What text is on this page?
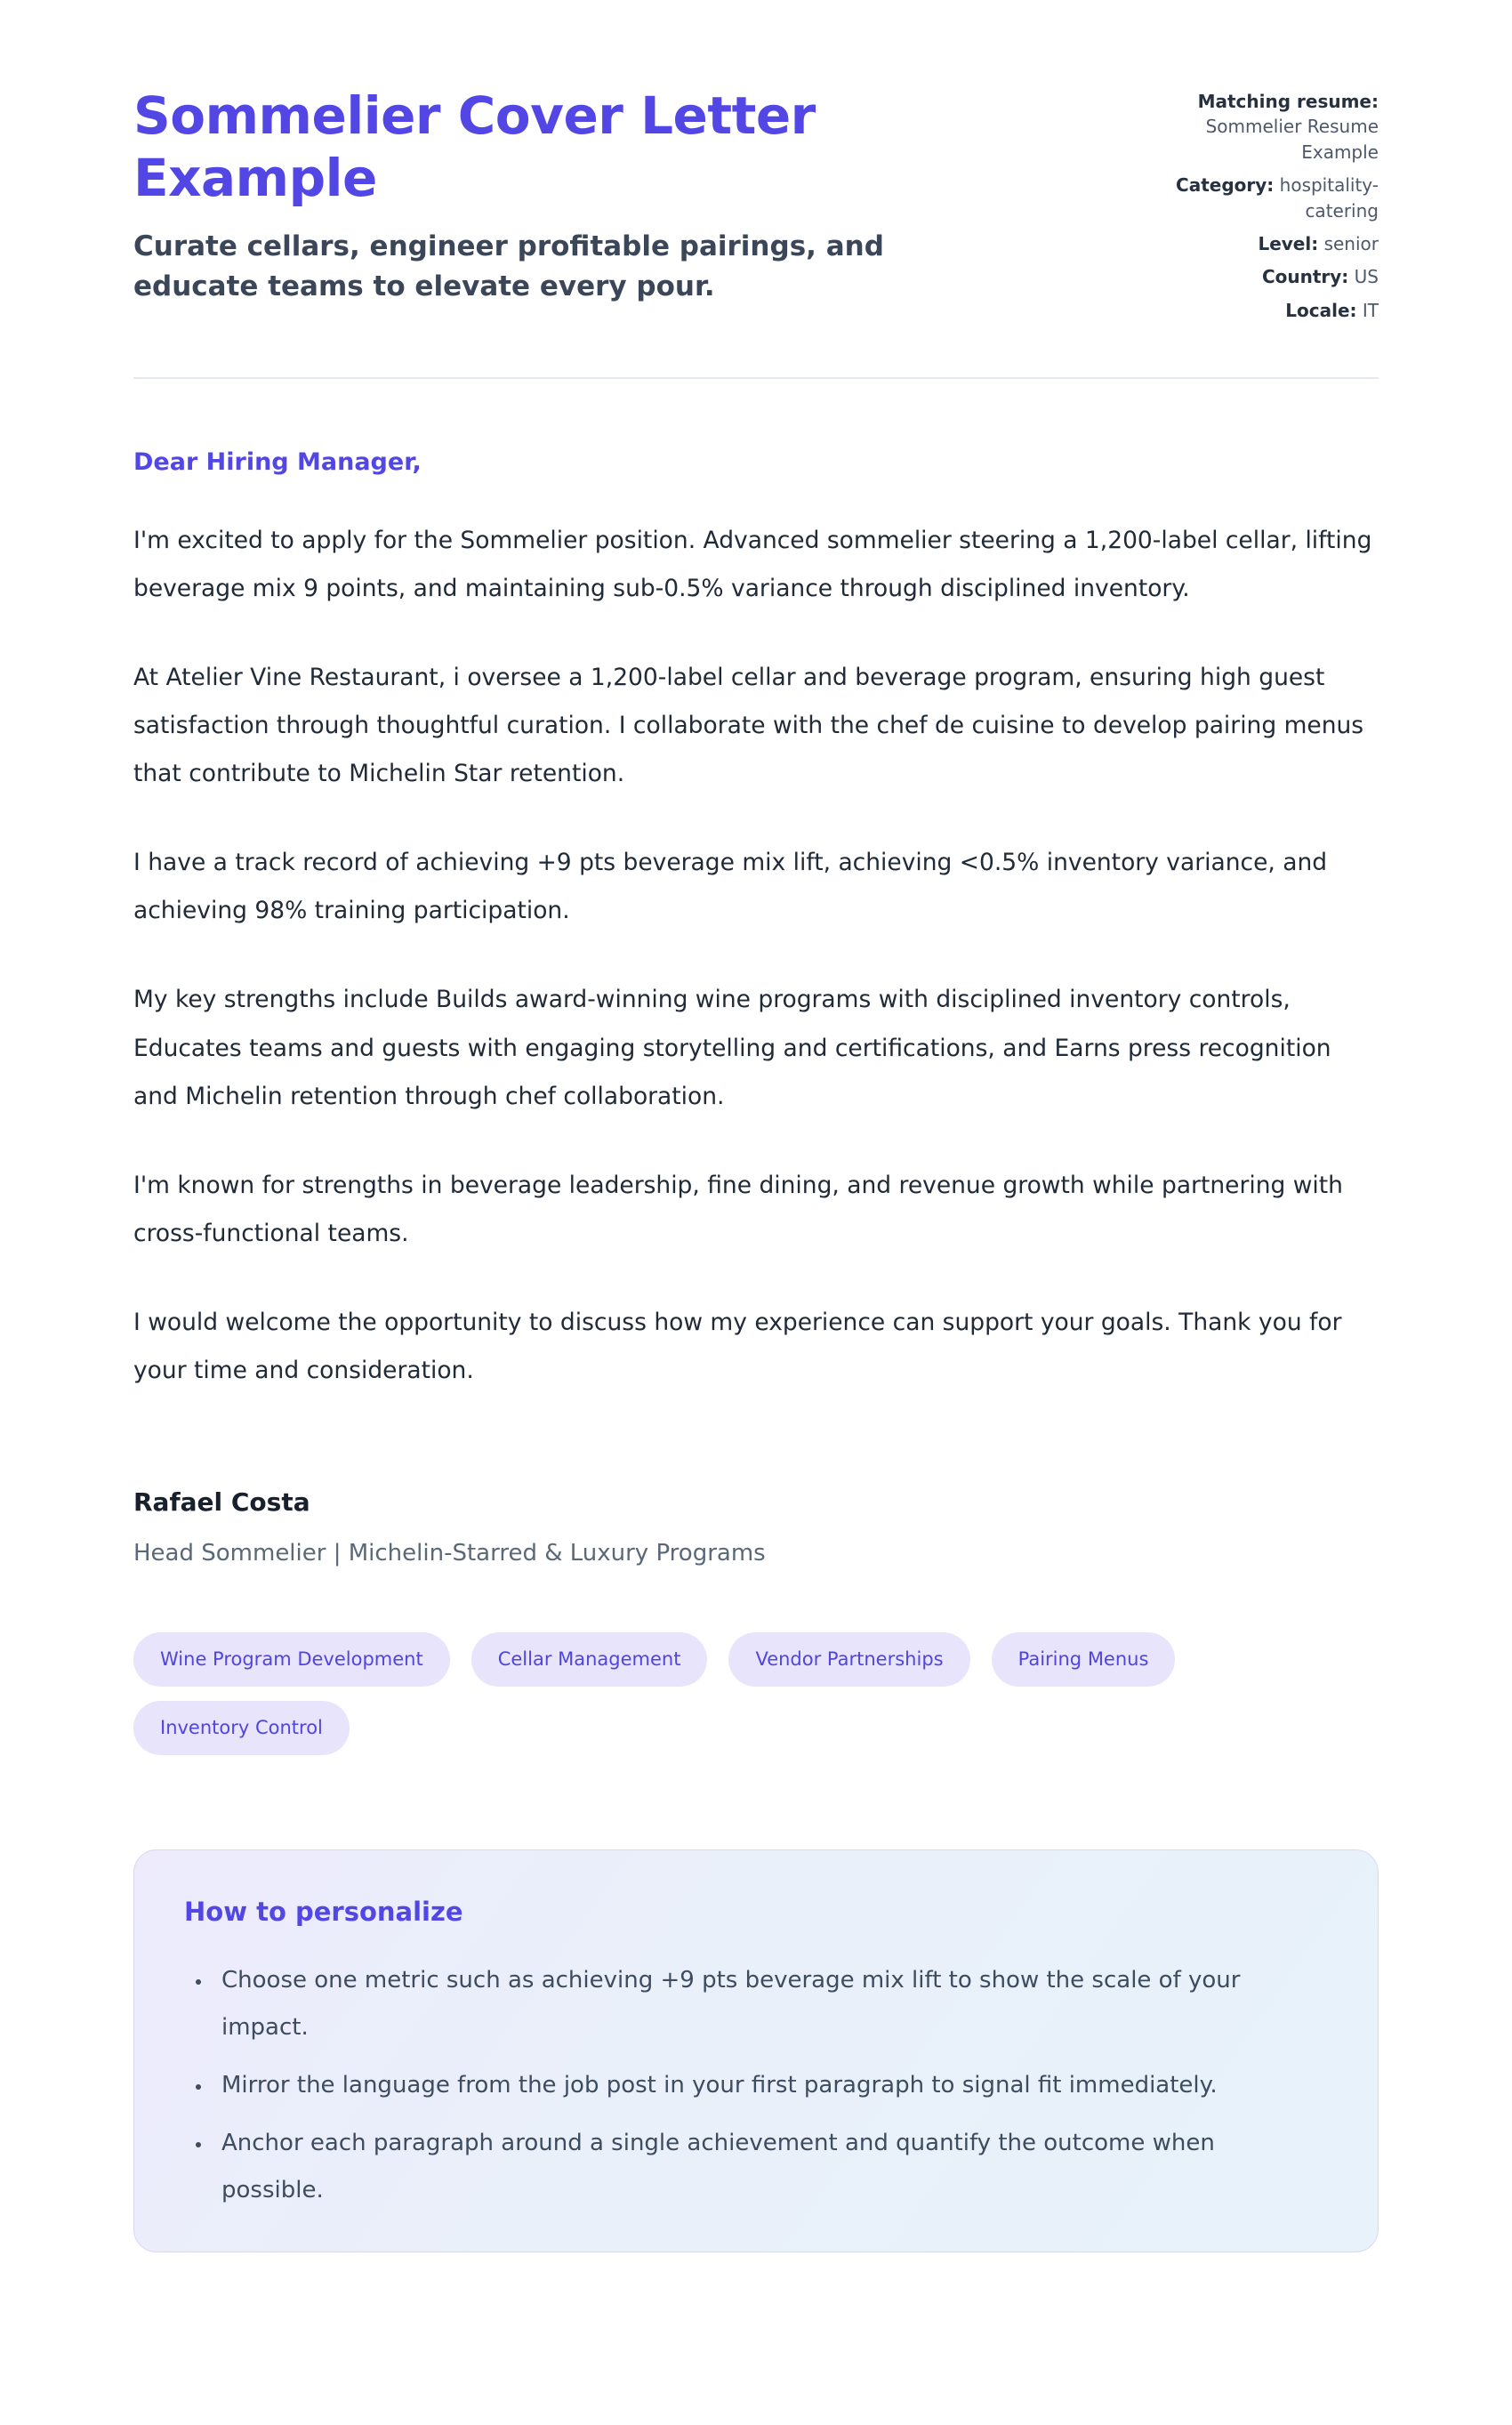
Sommelier Cover Letter Example

Curate cellars, engineer profitable pairings, and educate teams to elevate every pour.

Matching resume: Sommelier Resume Example
Category: hospitality-catering
Level: senior
Country: US
Locale: IT

Dear Hiring Manager,

I'm excited to apply for the Sommelier position. Advanced sommelier steering a 1,200-label cellar, lifting beverage mix 9 points, and maintaining sub-0.5% variance through disciplined inventory.

At Atelier Vine Restaurant, i oversee a 1,200-label cellar and beverage program, ensuring high guest satisfaction through thoughtful curation. I collaborate with the chef de cuisine to develop pairing menus that contribute to Michelin Star retention.

I have a track record of achieving +9 pts beverage mix lift, achieving <0.5% inventory variance, and achieving 98% training participation.

My key strengths include Builds award-winning wine programs with disciplined inventory controls, Educates teams and guests with engaging storytelling and certifications, and Earns press recognition and Michelin retention through chef collaboration.

I'm known for strengths in beverage leadership, fine dining, and revenue growth while partnering with cross-functional teams.

I would welcome the opportunity to discuss how my experience can support your goals. Thank you for your time and consideration.

Rafael Costa

Head Sommelier | Michelin-Starred & Luxury Programs

Wine Program Development	Cellar Management	Vendor Partnerships	Pairing Menus
Inventory Control
How to personalize
• Choose one metric such as achieving +9 pts beverage mix lift to show the scale of your impact.
• Mirror the language from the job post in your first paragraph to signal fit immediately.
• Anchor each paragraph around a single achievement and quantify the outcome when possible.
